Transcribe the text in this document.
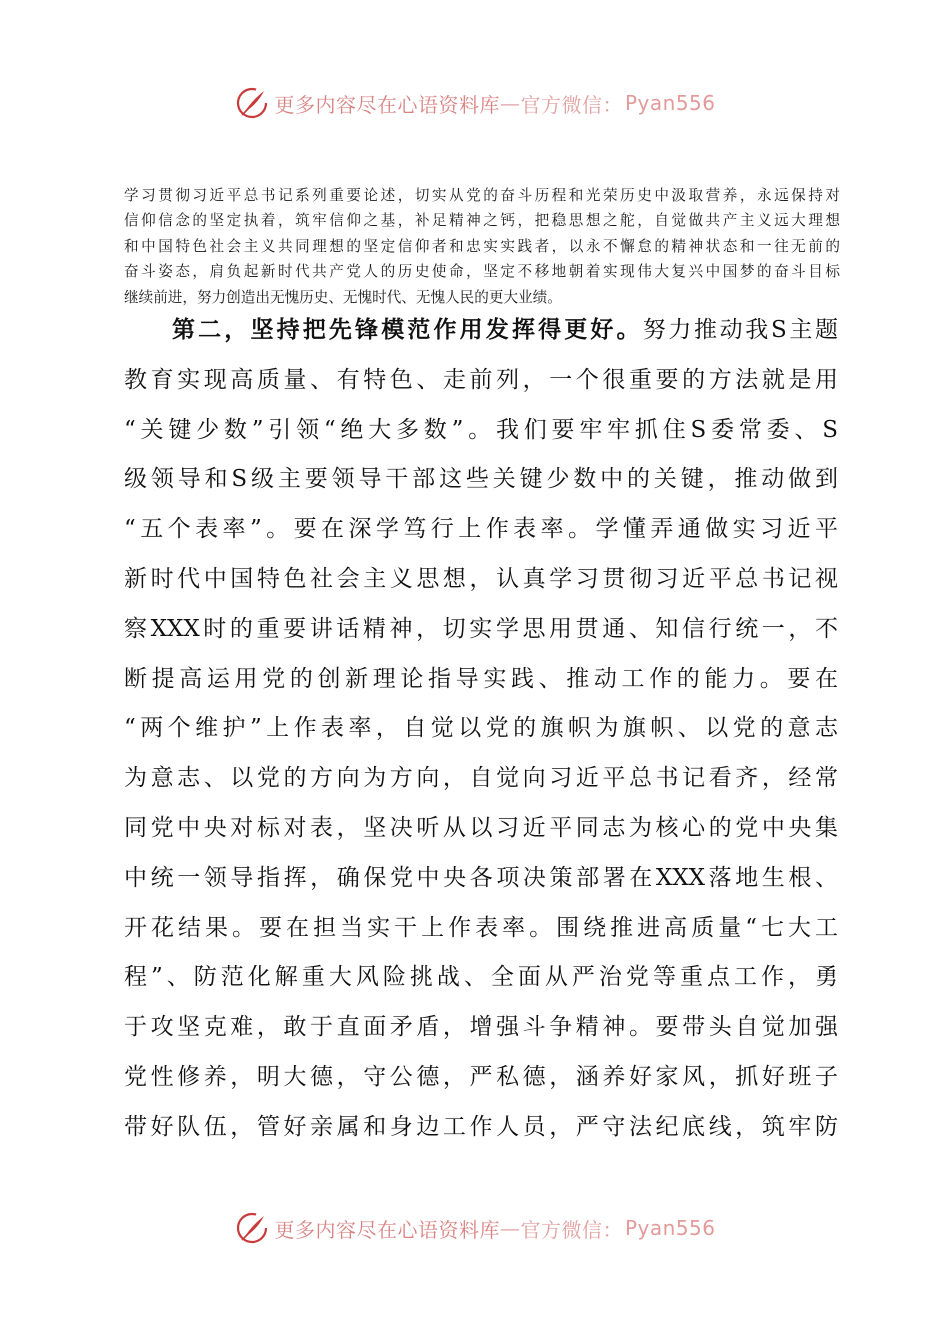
更多内容尽在心语资料库 — 官方微信： Pyan556
学习贯彻习近平总书记系列重要论述，切实从党的奋斗历程和光荣历史中汲取营养，永远保持对
信仰信念的坚定执着，筑牢信仰之基，补足精神之钙，把稳思想之舵，自觉做共产主义远大理想
和中国特色社会主义共同理想的坚定信仰者和忠实实践者，以永不懈怠的精神状态和一往无前的
奋斗姿态，肩负起新时代共产党人的历史使命，坚定不移地朝着实现伟大复兴中国梦的奋斗目标
继续前进，努力创造出无愧历史、无愧时代、无愧人民的更大业绩。
第二，坚持把先锋模范作用发挥得更好。努力推动我S主题
教育实现高质量、有特色、走前列，一个很重要的方法就是用
“关键少数”引领“绝大多数”。我们要牢牢抓住S委常委、S
级领导和S级主要领导干部这些关键少数中的关键，推动做到
“五个表率”。要在深学笃行上作表率。学懂弄通做实习近平
新时代中国特色社会主义思想，认真学习贯彻习近平总书记视
察XXX时的重要讲话精神，切实学思用贯通、知信行统一，不
断提高运用党的创新理论指导实践、推动工作的能力。要在
“两个维护”上作表率，自觉以党的旗帜为旗帜、以党的意志
为意志、以党的方向为方向，自觉向习近平总书记看齐，经常
同党中央对标对表，坚决听从以习近平同志为核心的党中央集
中统一领导指挥，确保党中央各项决策部署在XXX落地生根、
开花结果。要在担当实干上作表率。围绕推进高质量“七大工
程”、防范化解重大风险挑战、全面从严治党等重点工作，勇
于攻坚克难，敢于直面矛盾，增强斗争精神。要带头自觉加强
党性修养，明大德，守公德，严私德，涵养好家风，抓好班子
带好队伍，管好亲属和身边工作人员，严守法纪底线，筑牢防
更多内容尽在心语资料库 — 官方微信： Pyan556
